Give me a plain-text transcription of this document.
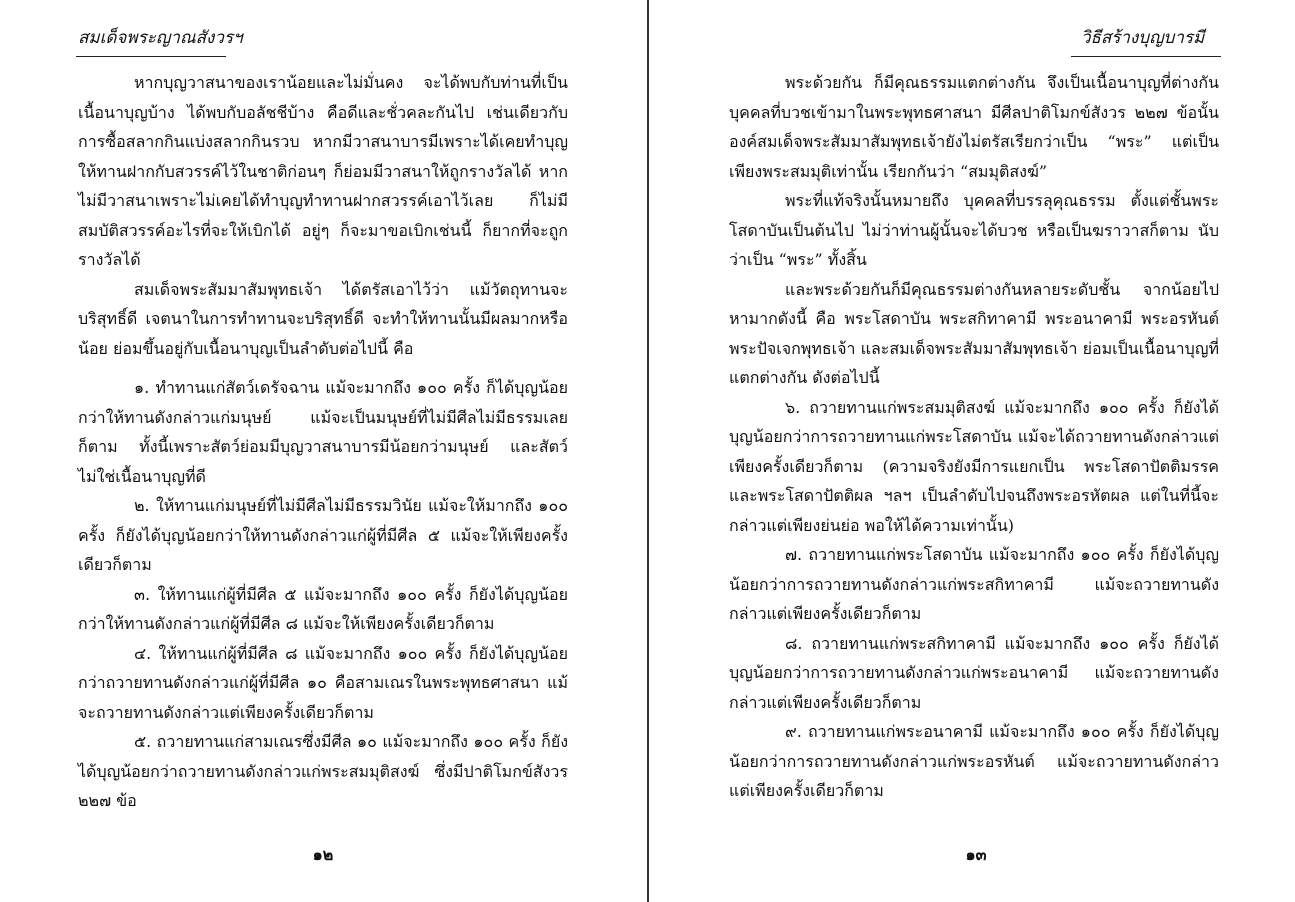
สมเด็จพระญาณสังวรฯ

หากบุญวาสนาของเราน้อยและไม่มั่นคง จะได้พบกับท่านที่เป็นเนื้อนาบุญบ้าง ได้พบกับอลัชชีบ้าง คือดีและชั่วคละกันไป เช่นเดียวกับการซื้อสลากกินแบ่งสลากกินรวบ หากมีวาสนาบารมีเพราะได้เคยทำบุญให้ทานฝากกับสวรรค์ไว้ในชาติก่อนๆ ก็ย่อมมีวาสนาให้ถูกรางวัลได้ หากไม่มีวาสนาเพราะไม่เคยได้ทำบุญทำทานฝากสวรรค์เอาไว้เลย ก็ไม่มีสมบัติสวรรค์อะไรที่จะให้เบิกได้ อยู่ๆ ก็จะมาขอเบิกเช่นนี้ ก็ยากที่จะถูกรางวัลได้

สมเด็จพระสัมมาสัมพุทธเจ้า ได้ตรัสเอาไว้ว่า แม้วัตถุทานจะบริสุทธิ์ดี เจตนาในการทำทานจะบริสุทธิ์ดี จะทำให้ทานนั้นมีผลมากหรือน้อย ย่อมขึ้นอยู่กับเนื้อนาบุญเป็นลำดับต่อไปนี้ คือ

๑. ทำทานแก่สัตว์เดรัจฉาน แม้จะมากถึง ๑๐๐ ครั้ง ก็ได้บุญน้อยกว่าให้ทานดังกล่าวแก่มนุษย์ แม้จะเป็นมนุษย์ที่ไม่มีศีลไม่มีธรรมเลยก็ตาม ทั้งนี้เพราะสัตว์ย่อมมีบุญวาสนาบารมีน้อยกว่ามนุษย์ และสัตว์ไม่ใช่เนื้อนาบุญที่ดี

๒. ให้ทานแก่มนุษย์ที่ไม่มีศีลไม่มีธรรมวินัย แม้จะให้มากถึง ๑๐๐ ครั้ง ก็ยังได้บุญน้อยกว่าให้ทานดังกล่าวแก่ผู้ที่มีศีล ๕ แม้จะให้เพียงครั้งเดียวก็ตาม

๓. ให้ทานแก่ผู้ที่มีศีล ๕ แม้จะมากถึง ๑๐๐ ครั้ง ก็ยังได้บุญน้อยกว่าให้ทานดังกล่าวแก่ผู้ที่มีศีล ๘ แม้จะให้เพียงครั้งเดียวก็ตาม

๔. ให้ทานแก่ผู้ที่มีศีล ๘ แม้จะมากถึง ๑๐๐ ครั้ง ก็ยังได้บุญน้อยกว่าถวายทานดังกล่าวแก่ผู้ที่มีศีล ๑๐ คือสามเณรในพระพุทธศาสนา แม้จะถวายทานดังกล่าวแต่เพียงครั้งเดียวก็ตาม

๕. ถวายทานแก่สามเณรซึ่งมีศีล ๑๐ แม้จะมากถึง ๑๐๐ ครั้ง ก็ยังได้บุญน้อยกว่าถวายทานดังกล่าวแก่พระสมมุติสงฆ์ ซึ่งมีปาติโมกข์สังวร ๒๒๗ ข้อ

๑๒
วิธีสร้างบุญบารมี

พระด้วยกัน ก็มีคุณธรรมแตกต่างกัน จึงเป็นเนื้อนาบุญที่ต่างกัน บุคคลที่บวชเข้ามาในพระพุทธศาสนา มีศีลปาติโมกข์สังวร ๒๒๗ ข้อนั้น องค์สมเด็จพระสัมมาสัมพุทธเจ้ายังไม่ตรัสเรียกว่าเป็น “พระ” แต่เป็นเพียงพระสมมุติเท่านั้น เรียกกันว่า “สมมุติสงฆ์”

พระที่แท้จริงนั้นหมายถึง บุคคลที่บรรลุคุณธรรม ตั้งแต่ชั้นพระโสดาบันเป็นต้นไป ไม่ว่าท่านผู้นั้นจะได้บวช หรือเป็นฆราวาสก็ตาม นับว่าเป็น “พระ” ทั้งสิ้น

และพระด้วยกันก็มีคุณธรรมต่างกันหลายระดับชั้น จากน้อยไปหามากดังนี้ คือ พระโสดาบัน พระสกิทาคามี พระอนาคามี พระอรหันต์ พระปัจเจกพุทธเจ้า และสมเด็จพระสัมมาสัมพุทธเจ้า ย่อมเป็นเนื้อนาบุญที่แตกต่างกัน ดังต่อไปนี้

๖. ถวายทานแก่พระสมมุติสงฆ์ แม้จะมากถึง ๑๐๐ ครั้ง ก็ยังได้บุญน้อยกว่าการถวายทานแก่พระโสดาบัน แม้จะได้ถวายทานดังกล่าวแต่เพียงครั้งเดียวก็ตาม (ความจริงยังมีการแยกเป็น พระโสดาปัตติมรรค และพระโสดาปัตติผล ฯลฯ เป็นลำดับไปจนถึงพระอรหัตผล แต่ในที่นี้จะกล่าวแต่เพียงย่นย่อ พอให้ได้ความเท่านั้น)

๗. ถวายทานแก่พระโสดาบัน แม้จะมากถึง ๑๐๐ ครั้ง ก็ยังได้บุญน้อยกว่าการถวายทานดังกล่าวแก่พระสกิทาคามี แม้จะถวายทานดังกล่าวแต่เพียงครั้งเดียวก็ตาม

๘. ถวายทานแก่พระสกิทาคามี แม้จะมากถึง ๑๐๐ ครั้ง ก็ยังได้บุญน้อยกว่าการถวายทานดังกล่าวแก่พระอนาคามี แม้จะถวายทานดังกล่าวแต่เพียงครั้งเดียวก็ตาม

๙. ถวายทานแก่พระอนาคามี แม้จะมากถึง ๑๐๐ ครั้ง ก็ยังได้บุญน้อยกว่าการถวายทานดังกล่าวแก่พระอรหันต์ แม้จะถวายทานดังกล่าวแต่เพียงครั้งเดียวก็ตาม

๑๓
